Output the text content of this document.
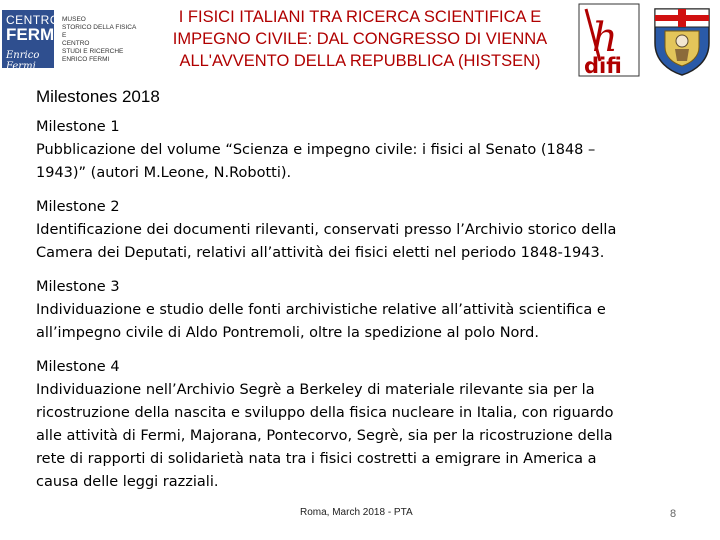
CENTRO
FERMI
Enrico Fermi
MUSEO
STORICO DELLA FISICA
E
CENTRO
STUDI E RICERCHE
ENRICO FERMI
I FISICI ITALIANI TRA RICERCA SCIENTIFICA E
IMPEGNO CIVILE: DAL CONGRESSO DI VIENNA
ALL'AVVENTO DELLA REPUBBLICA (HISTSEN)	h
difi
Milestones 2018
Milestone 1
Pubblicazione del volume “Scienza e impegno civile: i fisici al Senato (1848 –
1943)” (autori M.Leone, N.Robotti).
Milestone 2
Identificazione dei documenti rilevanti, conservati presso l’Archivio storico della
Camera dei Deputati, relativi all’attività dei fisici eletti nel periodo 1848-1943.
Milestone 3
Individuazione e studio delle fonti archivistiche relative all’attività scientifica e
all’impegno civile di Aldo Pontremoli, oltre la spedizione al polo Nord.
Milestone 4
Individuazione nell’Archivio Segrè a Berkeley di materiale rilevante sia per la
ricostruzione della nascita e sviluppo della fisica nucleare in Italia, con riguardo
alle attività di Fermi, Majorana, Pontecorvo, Segrè, sia per la ricostruzione della
rete di rapporti di solidarietà nata tra i fisici costretti a emigrare in America a
causa delle leggi razziali.
Roma, March 2018 - PTA	8
